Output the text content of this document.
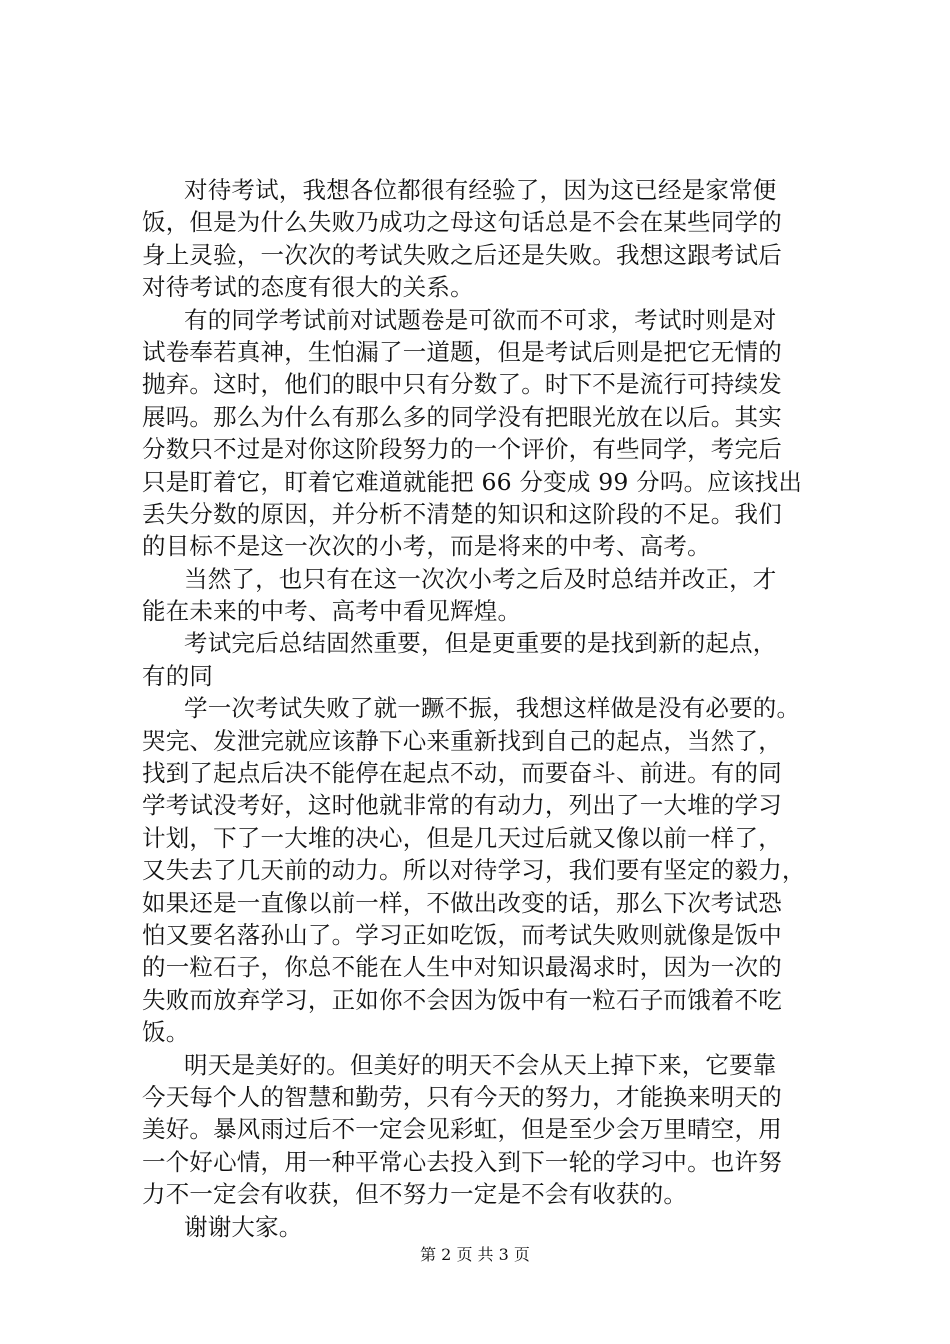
对待考试，我想各位都很有经验了，因为这已经是家常便
饭，但是为什么失败乃成功之母这句话总是不会在某些同学的
身上灵验，一次次的考试失败之后还是失败。我想这跟考试后
对待考试的态度有很大的关系。
有的同学考试前对试题卷是可欲而不可求，考试时则是对
试卷奉若真神，生怕漏了一道题，但是考试后则是把它无情的
抛弃。这时，他们的眼中只有分数了。时下不是流行可持续发
展吗。那么为什么有那么多的同学没有把眼光放在以后。其实
分数只不过是对你这阶段努力的一个评价，有些同学，考完后
只是盯着它，盯着它难道就能把 66 分变成 99 分吗。应该找出
丢失分数的原因，并分析不清楚的知识和这阶段的不足。我们
的目标不是这一次次的小考，而是将来的中考、高考。
当然了，也只有在这一次次小考之后及时总结并改正，才
能在未来的中考、高考中看见辉煌。
考试完后总结固然重要，但是更重要的是找到新的起点，
有的同
学一次考试失败了就一蹶不振，我想这样做是没有必要的。
哭完、发泄完就应该静下心来重新找到自己的起点，当然了，
找到了起点后决不能停在起点不动，而要奋斗、前进。有的同
学考试没考好，这时他就非常的有动力，列出了一大堆的学习
计划，下了一大堆的决心，但是几天过后就又像以前一样了，
又失去了几天前的动力。所以对待学习，我们要有坚定的毅力，
如果还是一直像以前一样，不做出改变的话，那么下次考试恐
怕又要名落孙山了。学习正如吃饭，而考试失败则就像是饭中
的一粒石子，你总不能在人生中对知识最渴求时，因为一次的
失败而放弃学习，正如你不会因为饭中有一粒石子而饿着不吃
饭。
明天是美好的。但美好的明天不会从天上掉下来，它要靠
今天每个人的智慧和勤劳，只有今天的努力，才能换来明天的
美好。暴风雨过后不一定会见彩虹，但是至少会万里晴空，用
一个好心情，用一种平常心去投入到下一轮的学习中。也许努
力不一定会有收获，但不努力一定是不会有收获的。
谢谢大家。
第 2 页 共 3 页
